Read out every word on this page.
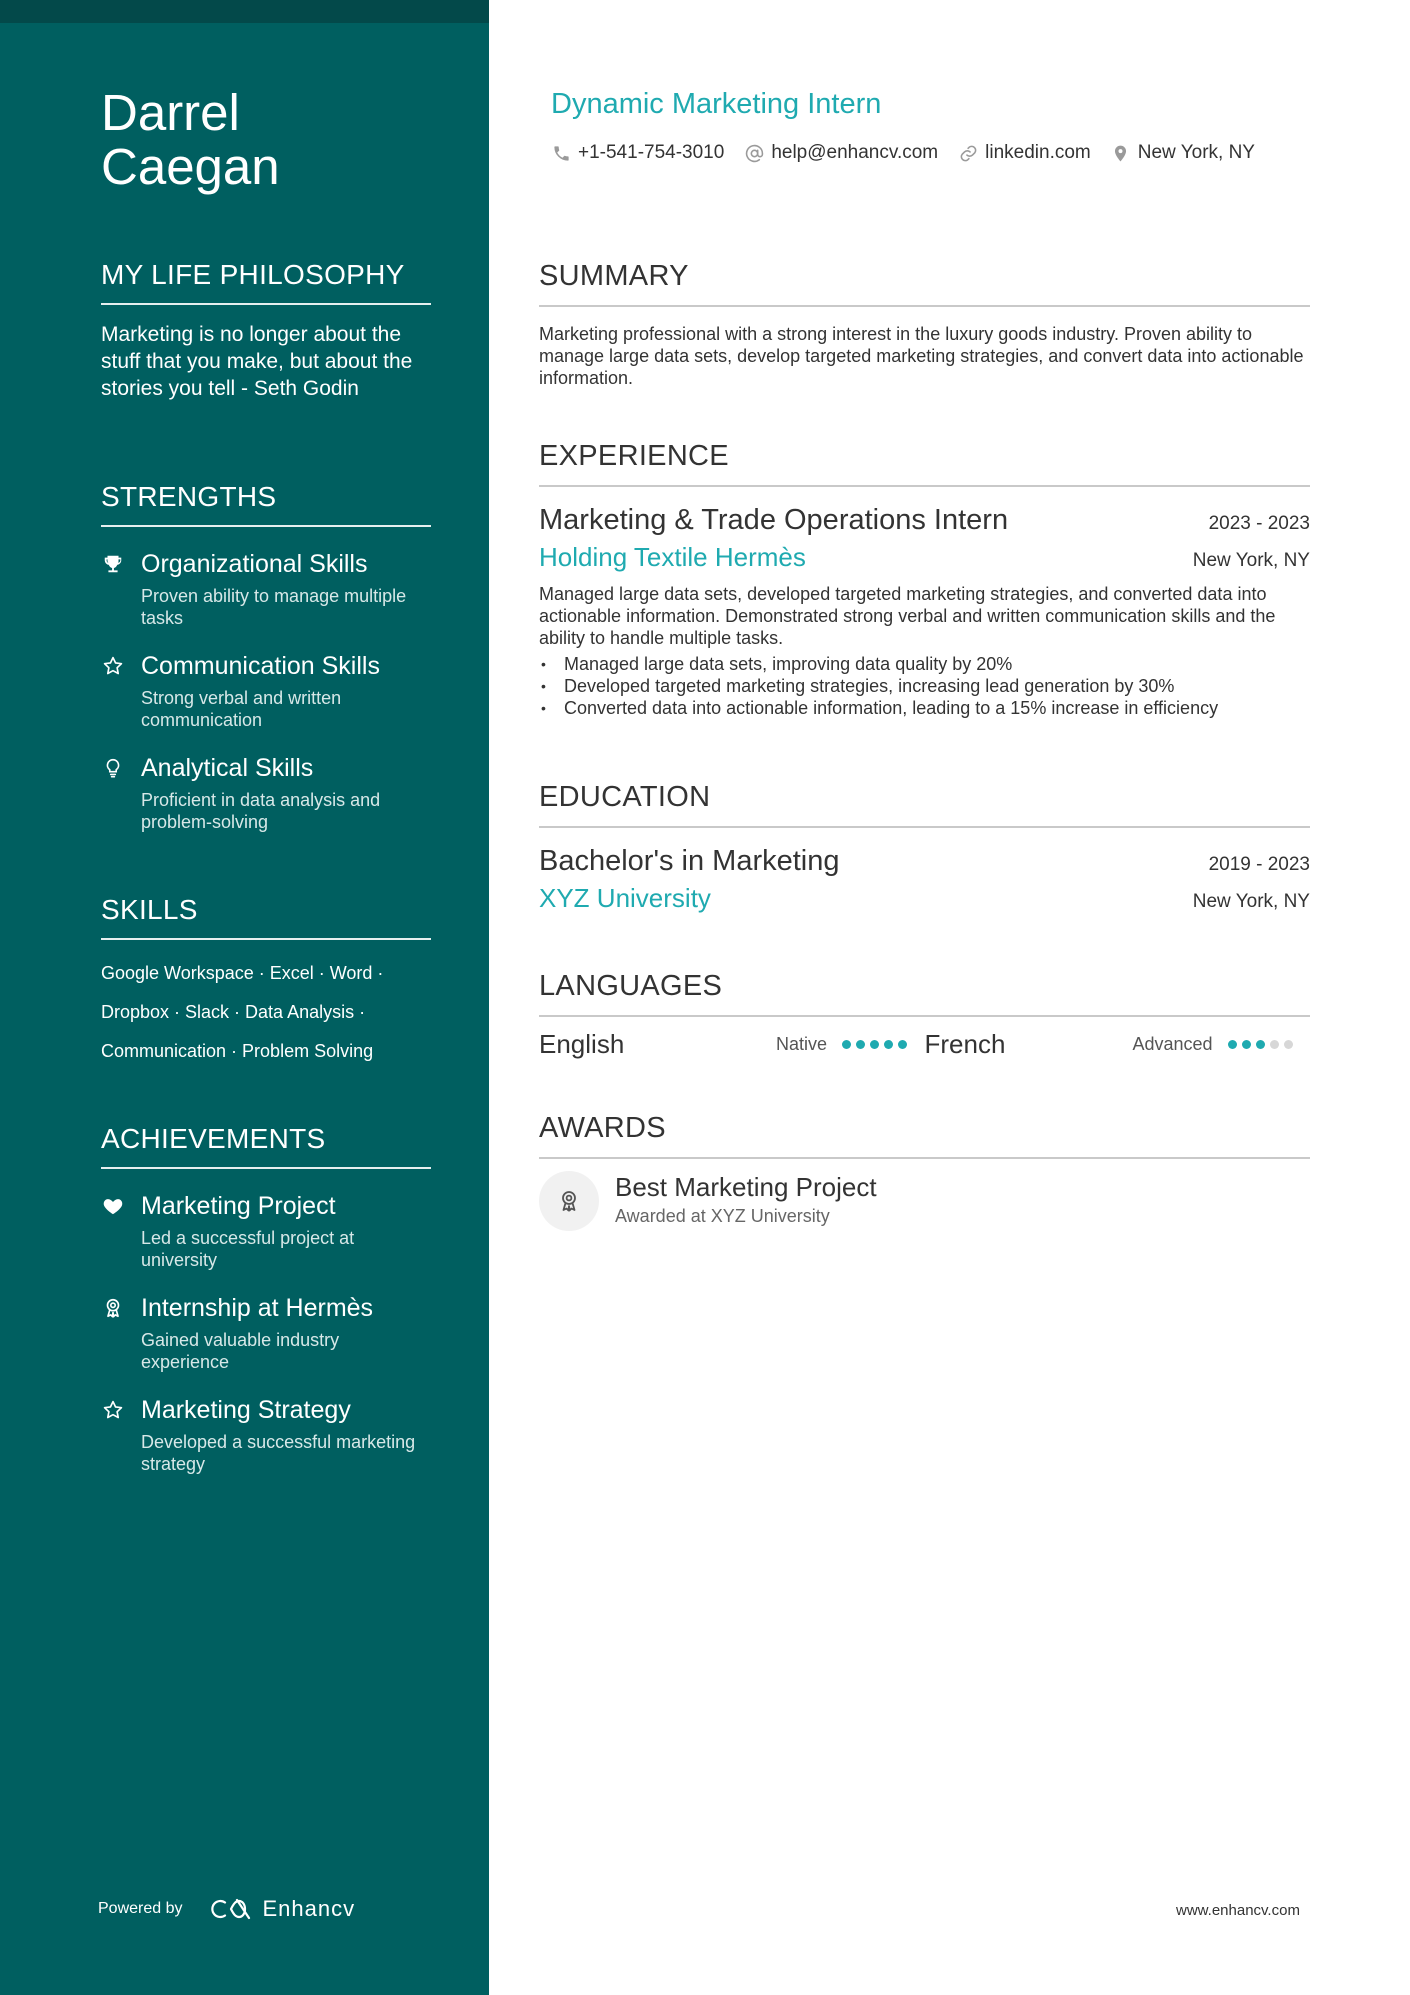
Darrel
Caegan
MY LIFE PHILOSOPHY

Marketing is no longer about the stuff that you make, but about the stories you tell - Seth Godin

STRENGTHS
Organizational Skills
Proven ability to manage multiple tasks
Communication Skills
Strong verbal and written communication
Analytical Skills
Proficient in data analysis and problem-solving
SKILLS
Google Workspace · Excel · Word ·
Dropbox · Slack · Data Analysis ·
Communication · Problem Solving
ACHIEVEMENTS
Marketing Project
Led a successful project at university
Internship at Hermès
Gained valuable industry experience
Marketing Strategy
Developed a successful marketing strategy
Powered by	Enhancv
Dynamic Marketing Intern
+1-541-754-3010 help@enhancv.com linkedin.com New York, NY
SUMMARY

Marketing professional with a strong interest in the luxury goods industry. Proven ability to manage large data sets, develop targeted marketing strategies, and convert data into actionable information.

EXPERIENCE
Marketing & Trade Operations Intern	2023 - 2023
Holding Textile Hermès	New York, NY

Managed large data sets, developed targeted marketing strategies, and converted data into actionable information. Demonstrated strong verbal and written communication skills and the ability to handle multiple tasks.

• Managed large data sets, improving data quality by 20%
• Developed targeted marketing strategies, increasing lead generation by 30%
• Converted data into actionable information, leading to a 15% increase in efficiency
EDUCATION
Bachelor's in Marketing	2019 - 2023
XYZ University	New York, NY
LANGUAGES
English	Native	French	Advanced
AWARDS
Best Marketing Project
Awarded at XYZ University
www.enhancv.com
